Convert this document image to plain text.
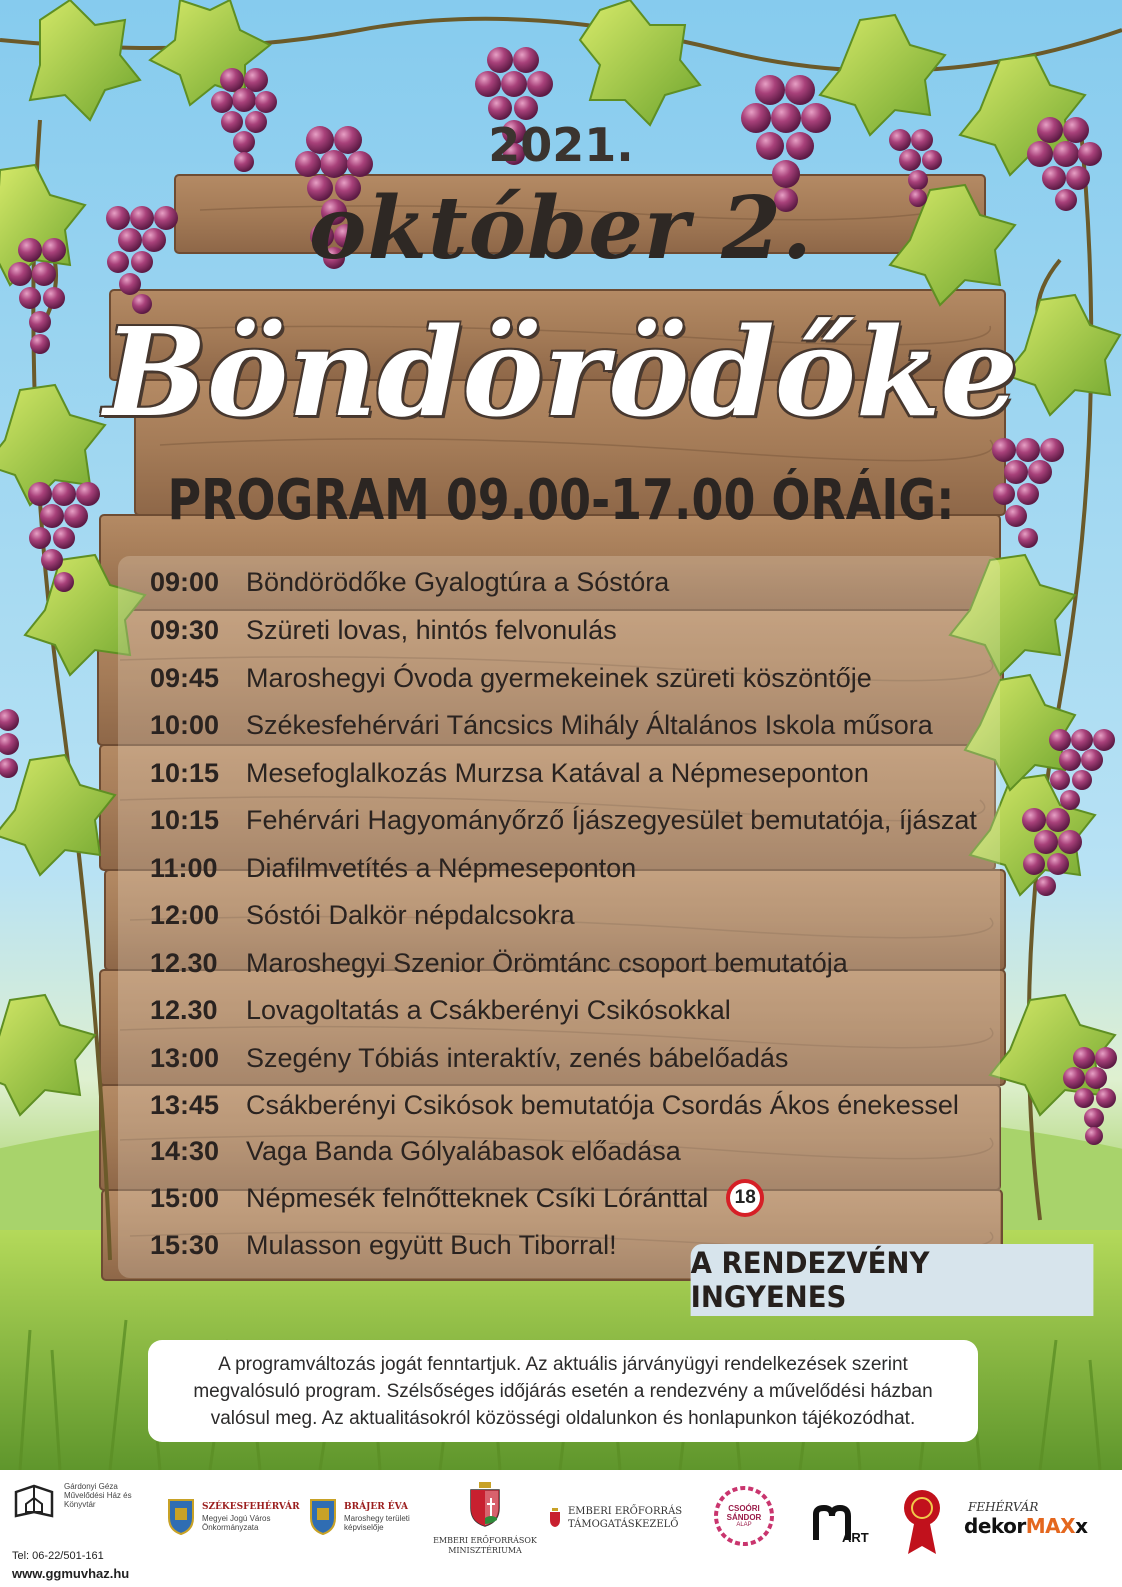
2021.
október 2.
Böndörödőke
PROGRAM 09.00-17.00 ÓRÁIG:
09:00 Böndörödőke Gyalogtúra a Sóstóra
09:30 Szüreti lovas, hintós felvonulás
09:45 Maroshegyi Óvoda gyermekeinek szüreti köszöntője
10:00 Székesfehérvári Táncsics Mihály Általános Iskola műsora
10:15 Mesefoglalkozás Murzsa Katával a Népmeseponton
10:15 Fehérvári Hagyományőrző Íjászegyesület bemutatója, íjászat
11:00	Diafilmvetítés a Népmeseponton
12:00 Sóstói Dalkör népdalcsokra
12.30	Maroshegyi Szenior Örömtánc csoport bemutatója
12.30	Lovagoltatás a Csákberényi Csikósokkal
13:00 Szegény Tóbiás interaktív, zenés bábelőadás
13:45 Csákberényi Csikósok bemutatója Csordás Ákos énekessel
14:30 Vaga Banda Gólyalábasok előadása
15:00 Népmesék felnőtteknek Csíki Lóránttal	18
15:30 Mulasson együtt Buch Tiborral!
A RENDEZVÉNY INGYENES

A programváltozás jogát fenntartjuk. Az aktuális járványügyi rendelkezések szerint megvalósuló program. Szélsőséges időjárás esetén a rendezvény a művelődési házban valósul meg. Az aktualitásokról közösségi oldalunkon és honlapunkon tájékozódhat.

Gárdonyi Géza Művelődési Ház és Könyvtár
Tel: 06-22/501-161
www.ggmuvhaz.hu
SZÉKESFEHÉRVÁR
Megyei Jogú Város Önkormányzata
BRÁJER ÉVA
Maroshegy területi képviselője
EMBERI ERŐFORRÁSOK MINISZTÉRIUMA
EMBERI ERŐFORRÁS
TÁMOGATÁSKEZELŐ
CSOÓRI
SÁNDOR
ALAP
ART
FEHÉRVÁR
dekorMAXx
